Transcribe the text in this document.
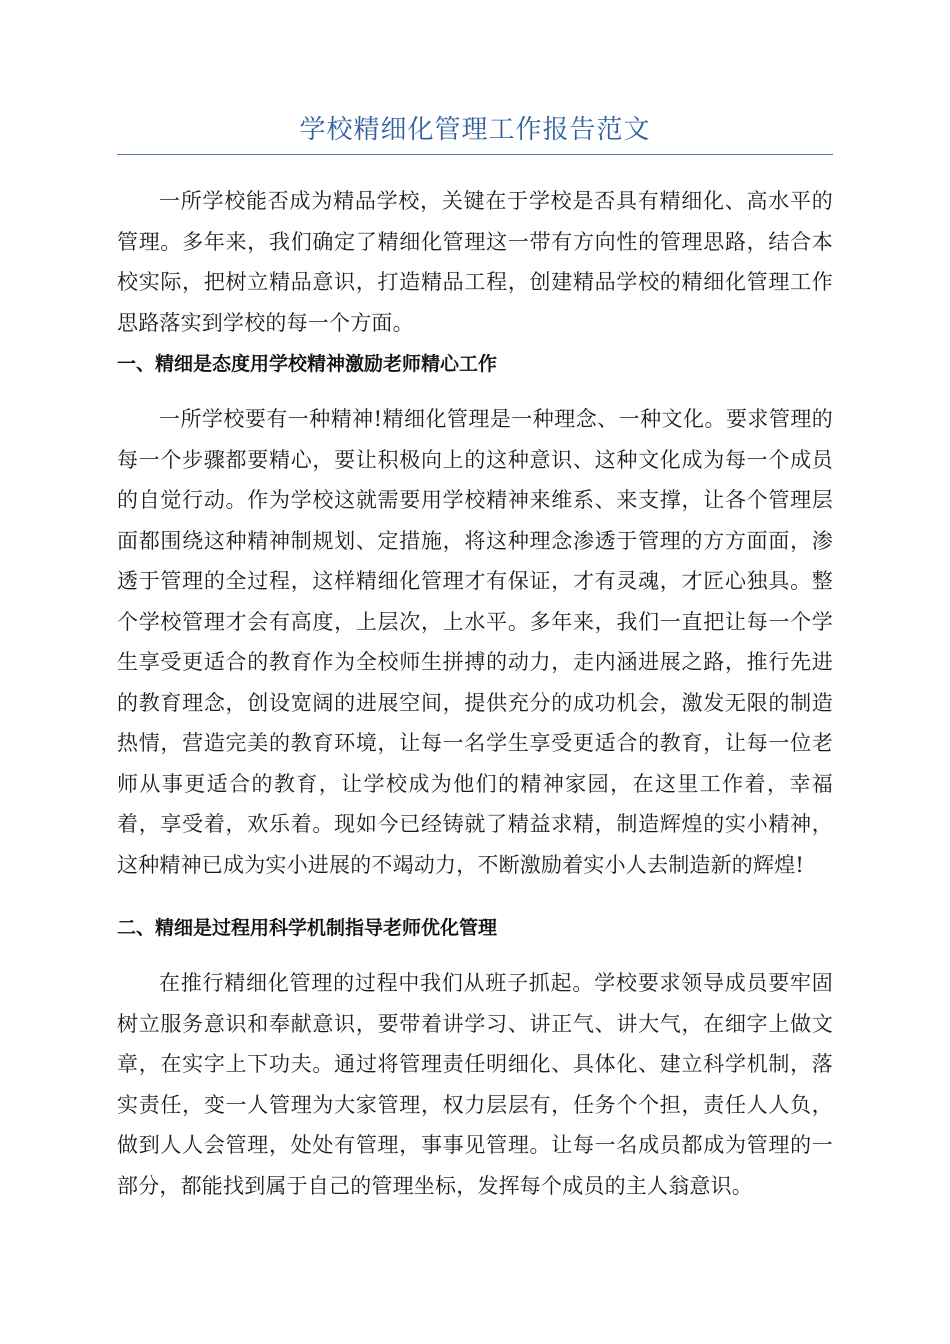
学校精细化管理工作报告范文

一所学校能否成为精品学校，关键在于学校是否具有精细化、高水平的管理。多年来，我们确定了精细化管理这一带有方向性的管理思路，结合本校实际，把树立精品意识，打造精品工程，创建精品学校的精细化管理工作思路落实到学校的每一个方面。

一、精细是态度用学校精神激励老师精心工作

一所学校要有一种精神!精细化管理是一种理念、一种文化。要求管理的每一个步骤都要精心，要让积极向上的这种意识、这种文化成为每一个成员的自觉行动。作为学校这就需要用学校精神来维系、来支撑，让各个管理层面都围绕这种精神制规划、定措施，将这种理念渗透于管理的方方面面，渗透于管理的全过程，这样精细化管理才有保证，才有灵魂，才匠心独具。整个学校管理才会有高度，上层次，上水平。多年来，我们一直把让每一个学生享受更适合的教育作为全校师生拼搏的动力，走内涵进展之路，推行先进的教育理念，创设宽阔的进展空间，提供充分的成功机会，激发无限的制造热情，营造完美的教育环境，让每一名学生享受更适合的教育，让每一位老师从事更适合的教育，让学校成为他们的精神家园，在这里工作着，幸福着，享受着，欢乐着。现如今已经铸就了精益求精，制造辉煌的实小精神，这种精神已成为实小进展的不竭动力，不断激励着实小人去制造新的辉煌!

二、精细是过程用科学机制指导老师优化管理

在推行精细化管理的过程中我们从班子抓起。学校要求领导成员要牢固树立服务意识和奉献意识，要带着讲学习、讲正气、讲大气，在细字上做文章，在实字上下功夫。通过将管理责任明细化、具体化、建立科学机制，落实责任，变一人管理为大家管理，权力层层有，任务个个担，责任人人负，做到人人会管理，处处有管理，事事见管理。让每一名成员都成为管理的一部分，都能找到属于自己的管理坐标，发挥每个成员的主人翁意识。
